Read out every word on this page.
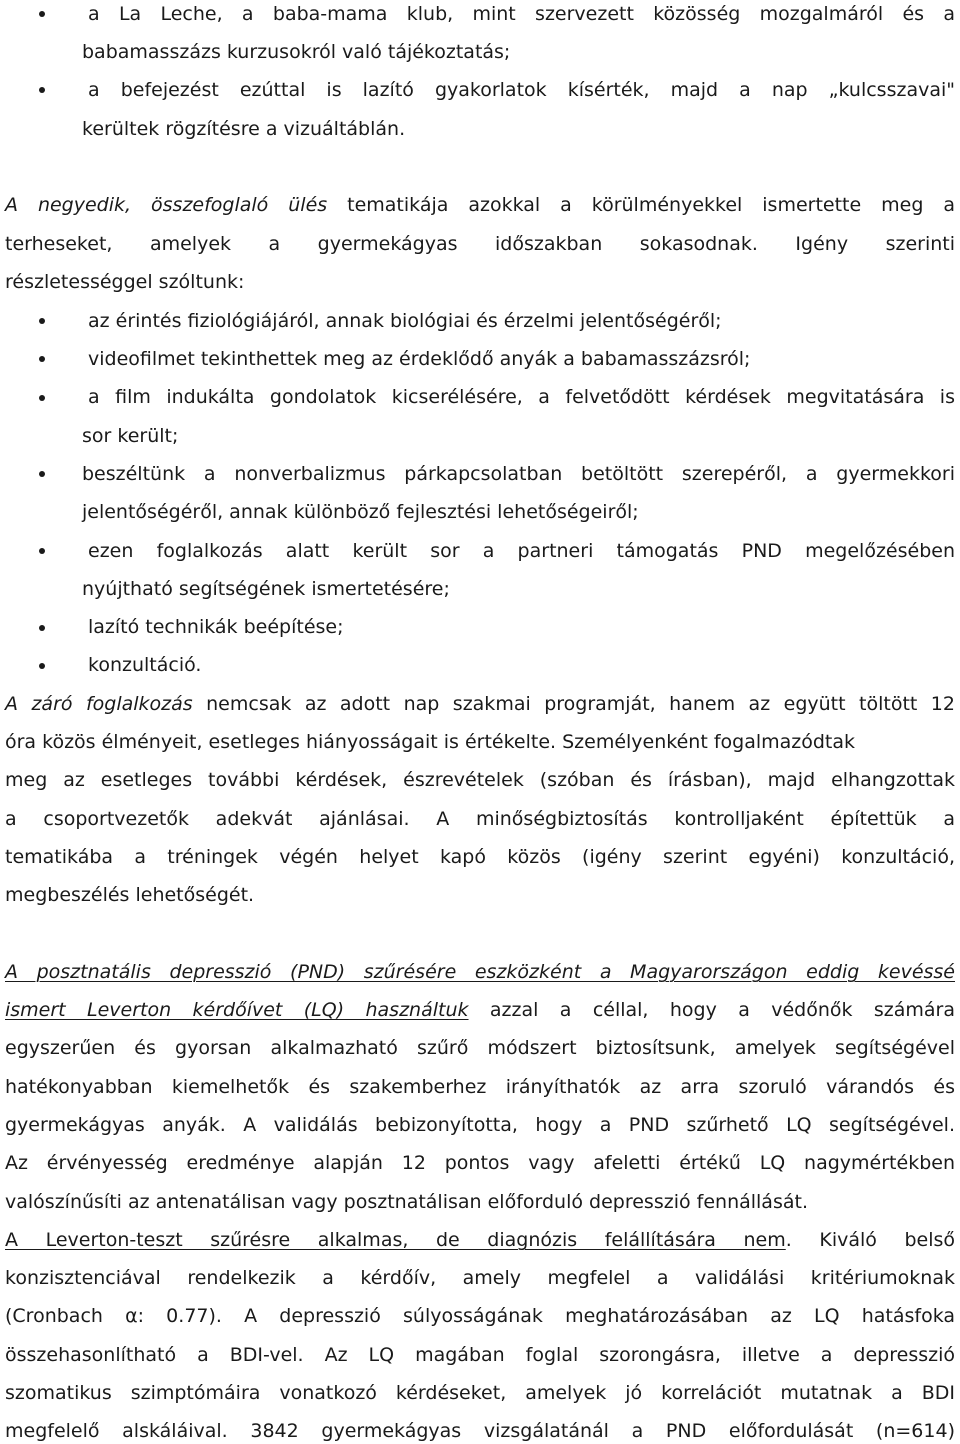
a La Leche, a baba-mama klub, mint szervezett közösség mozgalmáról és a
babamasszázs kurzusokról való tájékoztatás;
a befejezést ezúttal is lazító gyakorlatok kísérték, majd a nap „kulcsszavai"
kerültek rögzítésre a vizuáltáblán.
A negyedik, összefoglaló ülés tematikája azokkal a körülményekkel ismertette meg a
terheseket, amelyek a gyermekágyas időszakban sokasodnak. Igény szerinti
részletességgel szóltunk:
az érintés fiziológiájáról, annak biológiai és érzelmi jelentőségéről;
videofilmet tekinthettek meg az érdeklődő anyák a babamasszázsról;
a film indukálta gondolatok kicserélésére, a felvetődött kérdések megvitatására is
sor került;
beszéltünk a nonverbalizmus párkapcsolatban betöltött szerepéről, a gyermekkori
jelentőségéről, annak különböző fejlesztési lehetőségeiről;
ezen foglalkozás alatt került sor a partneri támogatás PND megelőzésében
nyújtható segítségének ismertetésére;
lazító technikák beépítése;
konzultáció.
A záró foglalkozás nemcsak az adott nap szakmai programját, hanem az együtt töltött 12
óra közös élményeit, esetleges hiányosságait is értékelte. Személyenként fogalmazódtak
meg az esetleges további kérdések, észrevételek (szóban és írásban), majd elhangzottak
a csoportvezetők adekvát ajánlásai. A minőségbiztosítás kontrolljaként építettük a
tematikába a tréningek végén helyet kapó közös (igény szerint egyéni) konzultáció,
megbeszélés lehetőségét.
A posztnatális depresszió (PND) szűrésére eszközként a Magyarországon eddig kevéssé
ismert Leverton kérdőívet (LQ) használtuk azzal a céllal, hogy a védőnők számára
egyszerűen és gyorsan alkalmazható szűrő módszert biztosítsunk, amelyek segítségével
hatékonyabban kiemelhetők és szakemberhez irányíthatók az arra szoruló várandós és
gyermekágyas anyák. A validálás bebizonyította, hogy a PND szűrhető LQ segítségével.
Az érvényesség eredménye alapján 12 pontos vagy afeletti értékű LQ nagymértékben
valószínűsíti az antenatálisan vagy posztnatálisan előforduló depresszió fennállását.
A Leverton-teszt szűrésre alkalmas, de diagnózis felállítására nem. Kiváló belső
konzisztenciával rendelkezik a kérdőív, amely megfelel a validálási kritériumoknak
(Cronbach α: 0.77). A depresszió súlyosságának meghatározásában az LQ hatásfoka
összehasonlítható a BDI-vel. Az LQ magában foglal szorongásra, illetve a depresszió
szomatikus szimptómáira vonatkozó kérdéseket, amelyek jó korrelációt mutatnak a BDI
megfelelő alskáláival. 3842 gyermekágyas vizsgálatánál a PND előfordulását (n=614)
